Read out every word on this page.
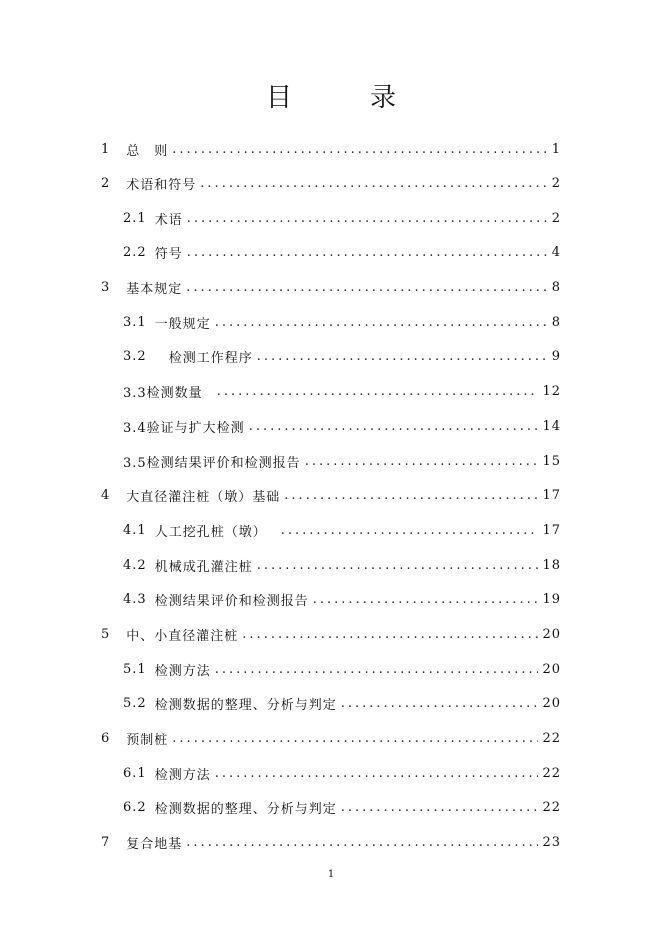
目　录
1 总　则 .....	1
2 术语和符号 .....	2
2.1 术语 .....	2
2.2 符号 .....	4
3 基本规定 .....	8
3.1 一般规定 .....	8
3.2 检测工作程序 .....	9
3.3检测数量 .....	12
3.4验证与扩大检测 .....	14
3.5检测结果评价和检测报告 .....	15
4 大直径灌注桩（墩）基础 .....	17
4.1 人工挖孔桩（墩） .....	17
4.2 机械成孔灌注桩 .....	18
4.3 检测结果评价和检测报告 .....	19
5 中、小直径灌注桩 .....	20
5.1 检测方法 .....	20
5.2 检测数据的整理、分析与判定 .....	20
6 预制桩 .....	22
6.1 检测方法 .....	22
6.2 检测数据的整理、分析与判定 .....	22
7 复合地基 .....	23
1
